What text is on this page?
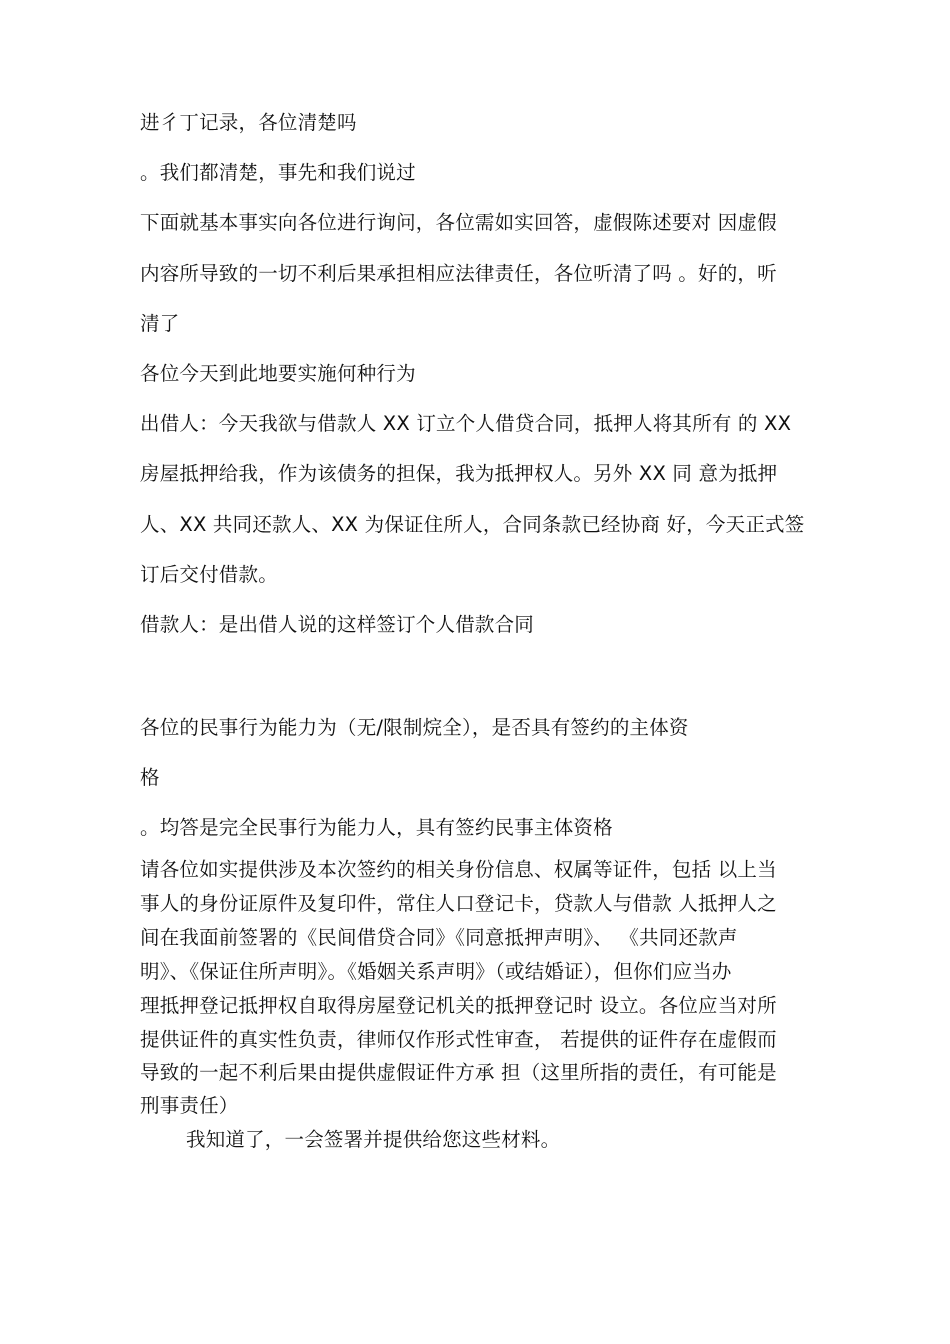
进彳丁记录，各位清楚吗
。我们都清楚，事先和我们说过
下面就基本事实向各位进行询问，各位需如实回答，虚假陈述要对 因虚假
内容所导致的一切不利后果承担相应法律责任，各位听清了吗 。好的，听
清了
各位今天到此地要实施何种行为
出借人：今天我欲与借款人 XX 订立个人借贷合同，抵押人将其所有 的 XX
房屋抵押给我，作为该债务的担保，我为抵押权人。另外 XX 同 意为抵押
人、XX 共同还款人、XX 为保证住所人，合同条款已经协商 好，今天正式签
订后交付借款。
借款人：是出借人说的这样签订个人借款合同
各位的民事行为能力为（无/限制烷全），是否具有签约的主体资
格
。均答是完全民事行为能力人，具有签约民事主体资格
请各位如实提供涉及本次签约的相关身份信息、权属等证件，包括 以上当
事人的身份证原件及复印件，常住人口登记卡，贷款人与借款 人抵押人之
间在我面前签署的《民间借贷合同》《同意抵押声明》、 《共同还款声
明》、《保证住所声明》。《婚姻关系声明》（或结婚证），但你们应当办
理抵押登记抵押权自取得房屋登记机关的抵押登记时 设立。各位应当对所
提供证件的真实性负责，律师仅作形式性审查， 若提供的证件存在虚假而
导致的一起不利后果由提供虚假证件方承 担（这里所指的责任，有可能是
刑事责任）
我知道了，一会签署并提供给您这些材料。
